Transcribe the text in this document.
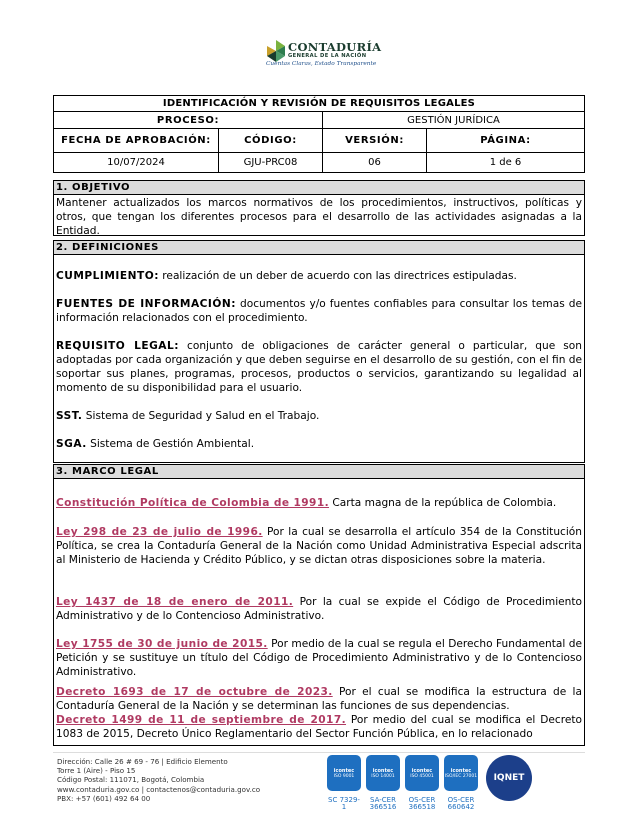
CONTADURÍA
GENERAL DE LA NACIÓN
Cuentas Claras, Estado Transparente
IDENTIFICACIÓN Y REVISIÓN DE REQUISITOS LEGALES			
PROCESO:		GESTIÓN JURÍDICA	
FECHA DE APROBACIÓN:	CÓDIGO:	VERSIÓN:	PÁGINA:
10/07/2024	GJU-PRC08	06	1 de 6
1. OBJETIVO
Mantener actualizados los marcos normativos de los procedimientos, instructivos, políticas y otros, que tengan los diferentes procesos para el desarrollo de las actividades asignadas a la Entidad.
2. DEFINICIONES

CUMPLIMIENTO: realización de un deber de acuerdo con las directrices estipuladas.

FUENTES DE INFORMACIÓN: documentos y/o fuentes confiables para consultar los temas de información relacionados con el procedimiento.

REQUISITO LEGAL: conjunto de obligaciones de carácter general o particular, que son adoptadas por cada organización y que deben seguirse en el desarrollo de su gestión, con el fin de soportar sus planes, programas, procesos, productos o servicios, garantizando su legalidad al momento de su disponibilidad para el usuario.

SST. Sistema de Seguridad y Salud en el Trabajo.

SGA. Sistema de Gestión Ambiental.

3. MARCO LEGAL

Constitución Política de Colombia de 1991. Carta magna de la república de Colombia.

Ley 298 de 23 de julio de 1996. Por la cual se desarrolla el artículo 354 de la Constitución Política, se crea la Contaduría General de la Nación como Unidad Administrativa Especial adscrita al Ministerio de Hacienda y Crédito Público, y se dictan otras disposiciones sobre la materia.

Ley 1437 de 18 de enero de 2011. Por la cual se expide el Código de Procedimiento Administrativo y de lo Contencioso Administrativo.

Ley 1755 de 30 de junio de 2015. Por medio de la cual se regula el Derecho Fundamental de Petición y se sustituye un título del Código de Procedimiento Administrativo y de lo Contencioso Administrativo.

Decreto 1693 de 17 de octubre de 2023. Por el cual se modifica la estructura de la Contaduría General de la Nación y se determinan las funciones de sus dependencias.

Decreto 1499 de 11 de septiembre de 2017. Por medio del cual se modifica el Decreto 1083 de 2015, Decreto Único Reglamentario del Sector Función Pública, en lo relacionado

Dirección: Calle 26 # 69 - 76 | Edificio Elemento
Torre 1 (Aire) - Piso 15
Código Postal: 111071, Bogotá, Colombia
www.contaduria.gov.co | contactenos@contaduria.gov.co
PBX: +57 (601) 492 64 00
icontec
ISO 9001
SC 7329-1
icontec
ISO 14001
SA-CER 366516
icontec
ISO 45001
OS-CER 366518
icontec
ISO/IEC 27001
OS-CER 660642
IQNET
